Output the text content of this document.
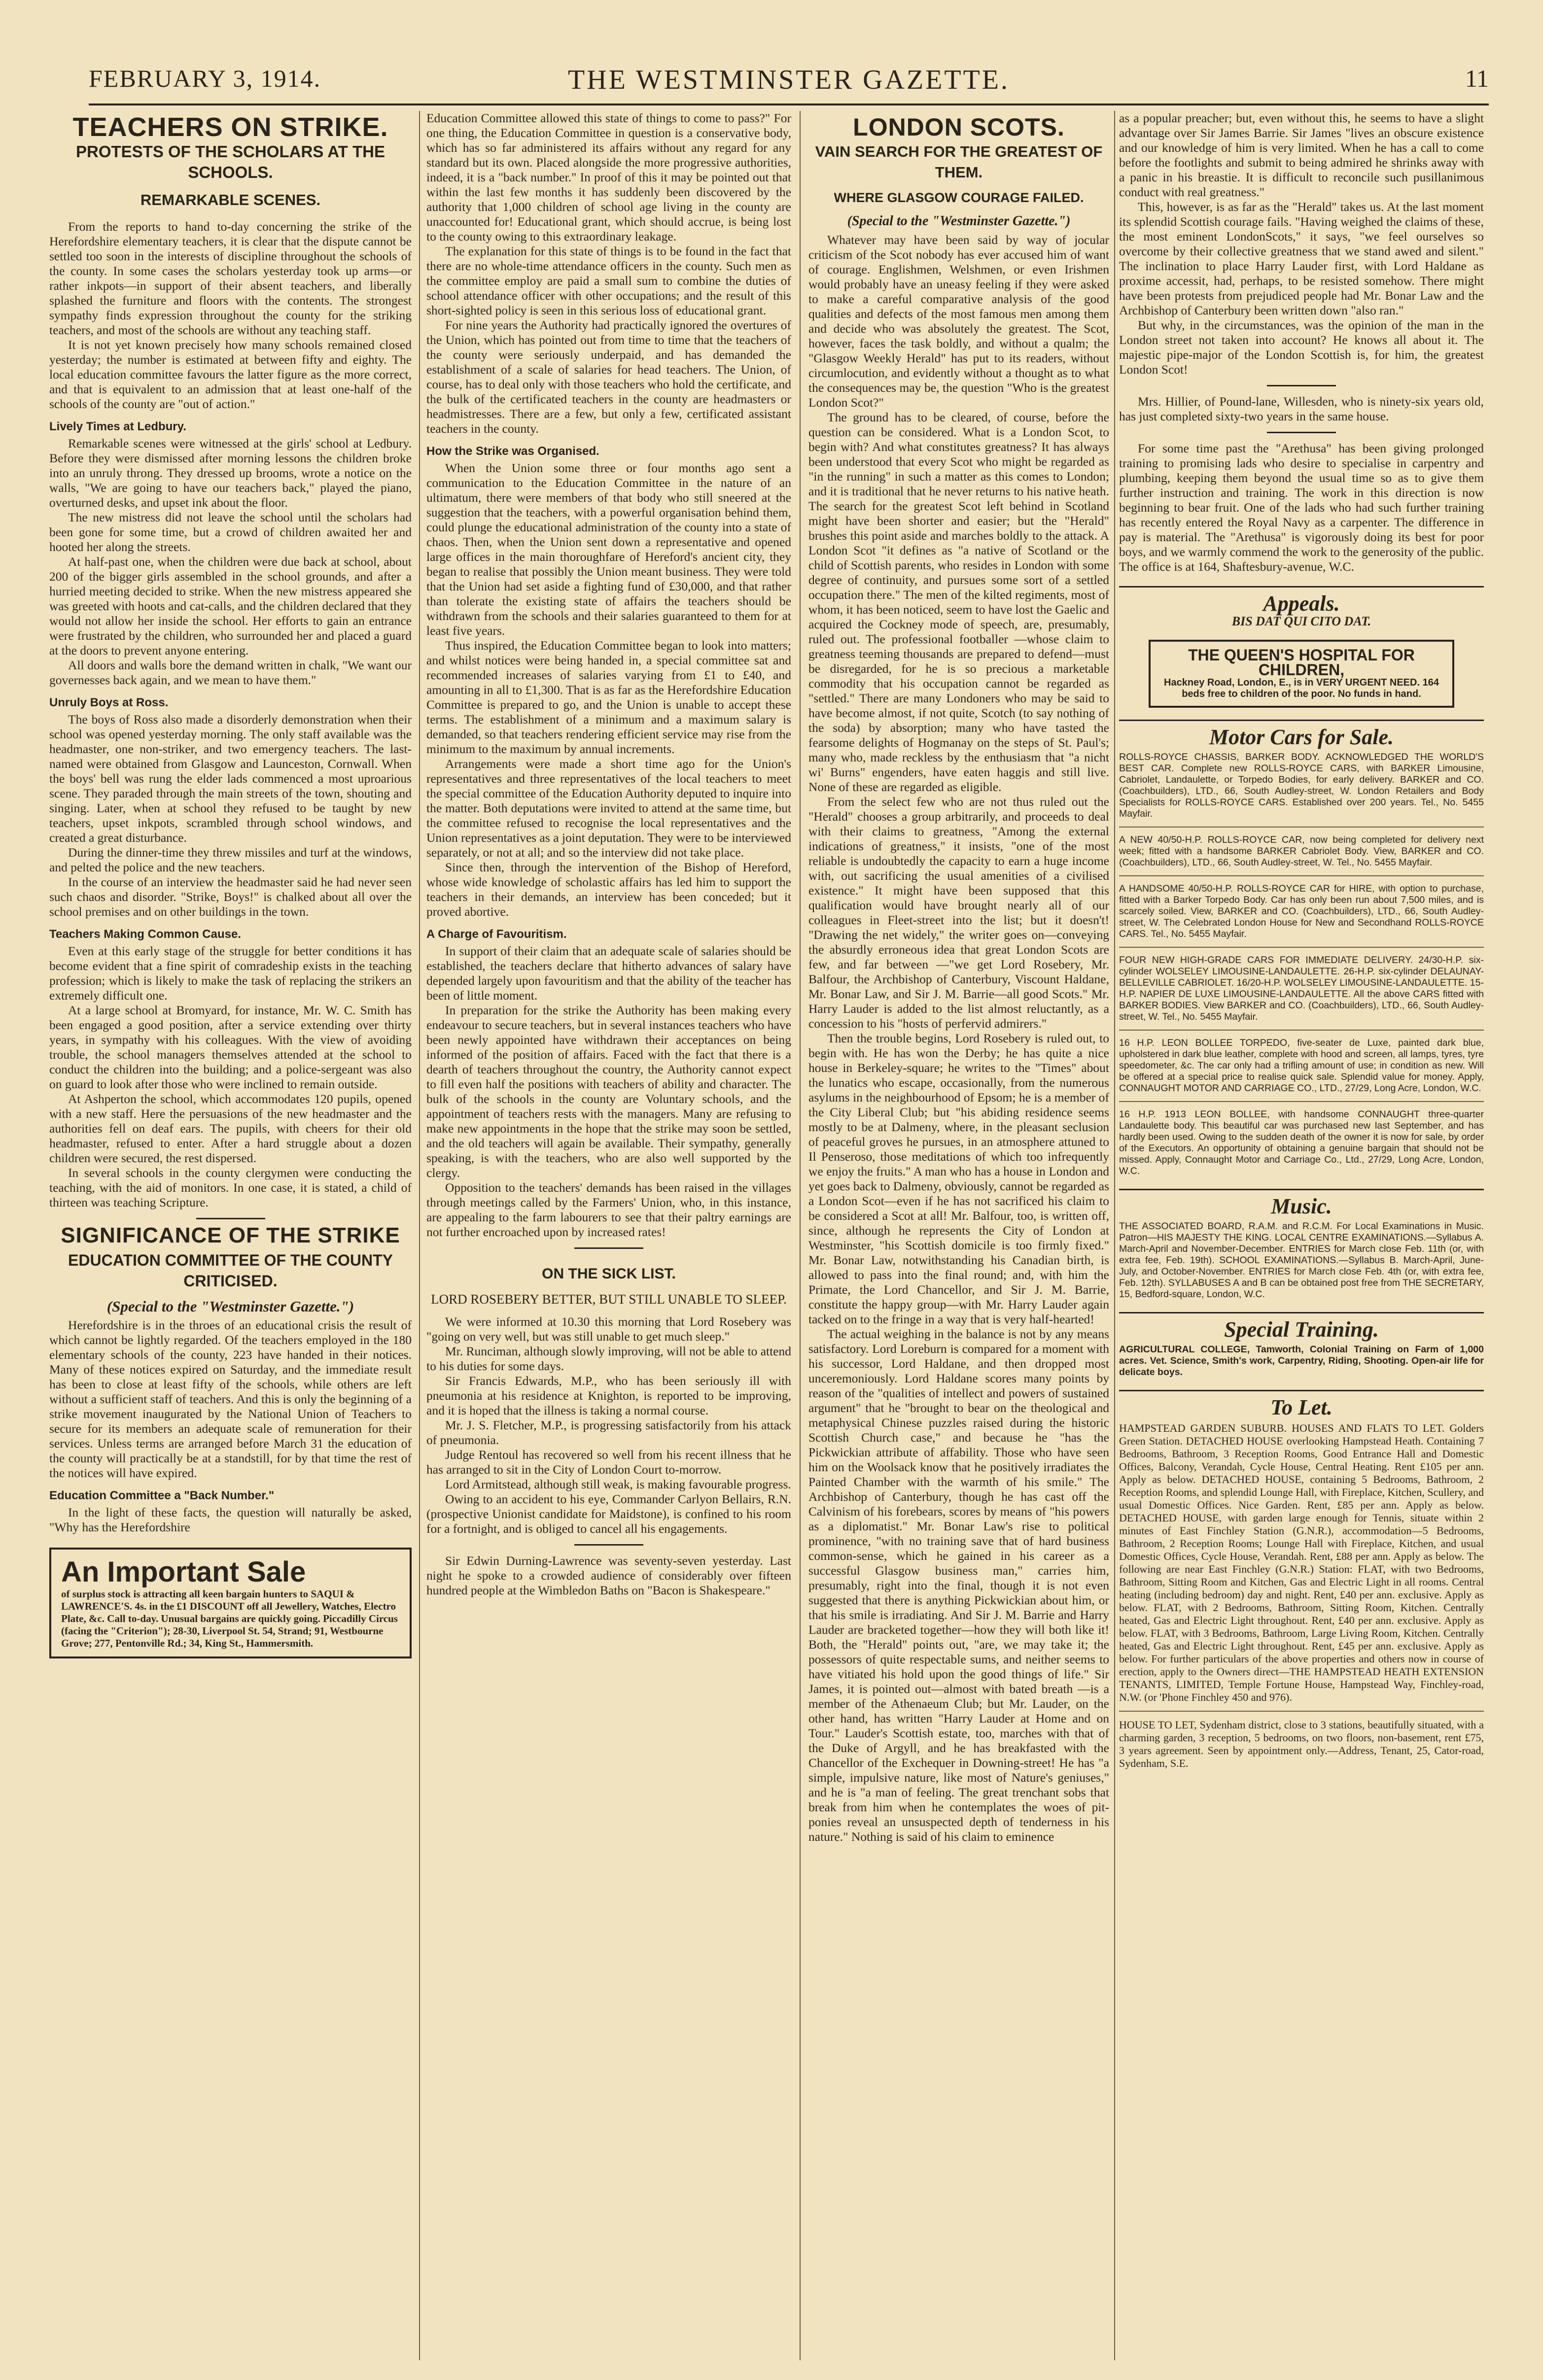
FEBRUARY 3, 1914.	THE WESTMINSTER GAZETTE.	11
TEACHERS ON STRIKE.
PROTESTS OF THE SCHOLARS AT THE SCHOOLS.
REMARKABLE SCENES.

From the reports to hand to-day concerning the strike of the Herefordshire elementary teachers, it is clear that the dispute cannot be settled too soon in the interests of discipline throughout the schools of the county. In some cases the scholars yesterday took up arms—or rather inkpots—in support of their absent teachers, and liberally splashed the furniture and floors with the contents. The strongest sympathy finds expression throughout the county for the striking teachers, and most of the schools are without any teaching staff.

It is not yet known precisely how many schools remained closed yesterday; the number is estimated at between fifty and eighty. The local education committee favours the latter figure as the more correct, and that is equivalent to an admission that at least one-half of the schools of the county are "out of action."

Lively Times at Ledbury.

Remarkable scenes were witnessed at the girls' school at Ledbury. Before they were dismissed after morning lessons the children broke into an unruly throng. They dressed up brooms, wrote a notice on the walls, "We are going to have our teachers back," played the piano, overturned desks, and upset ink about the floor.

The new mistress did not leave the school until the scholars had been gone for some time, but a crowd of children awaited her and hooted her along the streets.

At half-past one, when the children were due back at school, about 200 of the bigger girls assembled in the school grounds, and after a hurried meeting decided to strike. When the new mistress appeared she was greeted with hoots and cat-calls, and the children declared that they would not allow her inside the school. Her efforts to gain an entrance were frustrated by the children, who surrounded her and placed a guard at the doors to prevent anyone entering.

All doors and walls bore the demand written in chalk, "We want our governesses back again, and we mean to have them."

Unruly Boys at Ross.

The boys of Ross also made a disorderly demonstration when their school was opened yesterday morning. The only staff available was the headmaster, one non-striker, and two emergency teachers. The last-named were obtained from Glasgow and Launceston, Cornwall. When the boys' bell was rung the elder lads commenced a most uproarious scene. They paraded through the main streets of the town, shouting and singing. Later, when at school they refused to be taught by new teachers, upset inkpots, scrambled through school windows, and created a great disturbance.

During the dinner-time they threw missiles and turf at the windows, and pelted the police and the new teachers.

In the course of an interview the headmaster said he had never seen such chaos and disorder. "Strike, Boys!" is chalked about all over the school premises and on other buildings in the town.

Teachers Making Common Cause.

Even at this early stage of the struggle for better conditions it has become evident that a fine spirit of comradeship exists in the teaching profession; which is likely to make the task of replacing the strikers an extremely difficult one.

At a large school at Bromyard, for instance, Mr. W. C. Smith has been engaged a good position, after a service extending over thirty years, in sympathy with his colleagues. With the view of avoiding trouble, the school managers themselves attended at the school to conduct the children into the building; and a police-sergeant was also on guard to look after those who were inclined to remain outside.

At Ashperton the school, which accommodates 120 pupils, opened with a new staff. Here the persuasions of the new headmaster and the authorities fell on deaf ears. The pupils, with cheers for their old headmaster, refused to enter. After a hard struggle about a dozen children were secured, the rest dispersed.

In several schools in the county clergymen were conducting the teaching, with the aid of monitors. In one case, it is stated, a child of thirteen was teaching Scripture.

SIGNIFICANCE OF THE STRIKE
EDUCATION COMMITTEE OF THE COUNTY CRITICISED.
(Special to the "Westminster Gazette.")

Herefordshire is in the throes of an educational crisis the result of which cannot be lightly regarded. Of the teachers employed in the 180 elementary schools of the county, 223 have handed in their notices. Many of these notices expired on Saturday, and the immediate result has been to close at least fifty of the schools, while others are left without a sufficient staff of teachers. And this is only the beginning of a strike movement inaugurated by the National Union of Teachers to secure for its members an adequate scale of remuneration for their services. Unless terms are arranged before March 31 the education of the county will practically be at a standstill, for by that time the rest of the notices will have expired.

Education Committee a "Back Number."

In the light of these facts, the question will naturally be asked, "Why has the Herefordshire

An Important Sale
of surplus stock is attracting all keen bargain hunters to SAQUI & LAWRENCE'S. 4s. in the £1 DISCOUNT off all Jewellery, Watches, Electro Plate, &c. Call to-day. Unusual bargains are quickly going. Piccadilly Circus (facing the "Criterion"); 28-30, Liverpool St. 54, Strand; 91, Westbourne Grove; 277, Pentonville Rd.; 34, King St., Hammersmith.

Education Committee allowed this state of things to come to pass?" For one thing, the Education Committee in question is a conservative body, which has so far administered its affairs without any regard for any standard but its own. Placed alongside the more progressive authorities, indeed, it is a "back number." In proof of this it may be pointed out that within the last few months it has suddenly been discovered by the authority that 1,000 children of school age living in the county are unaccounted for! Educational grant, which should accrue, is being lost to the county owing to this extraordinary leakage.

The explanation for this state of things is to be found in the fact that there are no whole-time attendance officers in the county. Such men as the committee employ are paid a small sum to combine the duties of school attendance officer with other occupations; and the result of this short-sighted policy is seen in this serious loss of educational grant.

For nine years the Authority had practically ignored the overtures of the Union, which has pointed out from time to time that the teachers of the county were seriously underpaid, and has demanded the establishment of a scale of salaries for head teachers. The Union, of course, has to deal only with those teachers who hold the certificate, and the bulk of the certificated teachers in the county are headmasters or headmistresses. There are a few, but only a few, certificated assistant teachers in the county.

How the Strike was Organised.

When the Union some three or four months ago sent a communication to the Education Committee in the nature of an ultimatum, there were members of that body who still sneered at the suggestion that the teachers, with a powerful organisation behind them, could plunge the educational administration of the county into a state of chaos. Then, when the Union sent down a representative and opened large offices in the main thoroughfare of Hereford's ancient city, they began to realise that possibly the Union meant business. They were told that the Union had set aside a fighting fund of £30,000, and that rather than tolerate the existing state of affairs the teachers should be withdrawn from the schools and their salaries guaranteed to them for at least five years.

Thus inspired, the Education Committee began to look into matters; and whilst notices were being handed in, a special committee sat and recommended increases of salaries varying from £1 to £40, and amounting in all to £1,300. That is as far as the Herefordshire Education Committee is prepared to go, and the Union is unable to accept these terms. The establishment of a minimum and a maximum salary is demanded, so that teachers rendering efficient service may rise from the minimum to the maximum by annual increments.

Arrangements were made a short time ago for the Union's representatives and three representatives of the local teachers to meet the special committee of the Education Authority deputed to inquire into the matter. Both deputations were invited to attend at the same time, but the committee refused to recognise the local representatives and the Union representatives as a joint deputation. They were to be interviewed separately, or not at all; and so the interview did not take place.

Since then, through the intervention of the Bishop of Hereford, whose wide knowledge of scholastic affairs has led him to support the teachers in their demands, an interview has been conceded; but it proved abortive.

A Charge of Favouritism.

In support of their claim that an adequate scale of salaries should be established, the teachers declare that hitherto advances of salary have depended largely upon favouritism and that the ability of the teacher has been of little moment.

In preparation for the strike the Authority has been making every endeavour to secure teachers, but in several instances teachers who have been newly appointed have withdrawn their acceptances on being informed of the position of affairs. Faced with the fact that there is a dearth of teachers throughout the country, the Authority cannot expect to fill even half the positions with teachers of ability and character. The bulk of the schools in the county are Voluntary schools, and the appointment of teachers rests with the managers. Many are refusing to make new appointments in the hope that the strike may soon be settled, and the old teachers will again be available. Their sympathy, generally speaking, is with the teachers, who are also well supported by the clergy.

Opposition to the teachers' demands has been raised in the villages through meetings called by the Farmers' Union, who, in this instance, are appealing to the farm labourers to see that their paltry earnings are not further encroached upon by increased rates!

ON THE SICK LIST.
LORD ROSEBERY BETTER, BUT STILL UNABLE TO SLEEP.

We were informed at 10.30 this morning that Lord Rosebery was "going on very well, but was still unable to get much sleep."

Mr. Runciman, although slowly improving, will not be able to attend to his duties for some days.

Sir Francis Edwards, M.P., who has been seriously ill with pneumonia at his residence at Knighton, is reported to be improving, and it is hoped that the illness is taking a normal course.

Mr. J. S. Fletcher, M.P., is progressing satisfactorily from his attack of pneumonia.

Judge Rentoul has recovered so well from his recent illness that he has arranged to sit in the City of London Court to-morrow.

Lord Armitstead, although still weak, is making favourable progress.

Owing to an accident to his eye, Commander Carlyon Bellairs, R.N. (prospective Unionist candidate for Maidstone), is confined to his room for a fortnight, and is obliged to cancel all his engagements.

Sir Edwin Durning-Lawrence was seventy-seven yesterday. Last night he spoke to a crowded audience of considerably over fifteen hundred people at the Wimbledon Baths on "Bacon is Shakespeare."

LONDON SCOTS.
VAIN SEARCH FOR THE GREATEST OF THEM.
WHERE GLASGOW COURAGE FAILED.
(Special to the "Westminster Gazette.")

Whatever may have been said by way of jocular criticism of the Scot nobody has ever accused him of want of courage. Englishmen, Welshmen, or even Irishmen would probably have an uneasy feeling if they were asked to make a careful comparative analysis of the good qualities and defects of the most famous men among them and decide who was absolutely the greatest. The Scot, however, faces the task boldly, and without a qualm; the "Glasgow Weekly Herald" has put to its readers, without circumlocution, and evidently without a thought as to what the consequences may be, the question "Who is the greatest London Scot?"

The ground has to be cleared, of course, before the question can be considered. What is a London Scot, to begin with? And what constitutes greatness? It has always been understood that every Scot who might be regarded as "in the running" in such a matter as this comes to London; and it is traditional that he never returns to his native heath. The search for the greatest Scot left behind in Scotland might have been shorter and easier; but the "Herald" brushes this point aside and marches boldly to the attack. A London Scot "it defines as "a native of Scotland or the child of Scottish parents, who resides in London with some degree of continuity, and pursues some sort of a settled occupation there." The men of the kilted regiments, most of whom, it has been noticed, seem to have lost the Gaelic and acquired the Cockney mode of speech, are, presumably, ruled out. The professional footballer —whose claim to greatness teeming thousands are prepared to defend—must be disregarded, for he is so precious a marketable commodity that his occupation cannot be regarded as "settled." There are many Londoners who may be said to have become almost, if not quite, Scotch (to say nothing of the soda) by absorption; many who have tasted the fearsome delights of Hogmanay on the steps of St. Paul's; many who, made reckless by the enthusiasm that "a nicht wi' Burns" engenders, have eaten haggis and still live. None of these are regarded as eligible.

From the select few who are not thus ruled out the "Herald" chooses a group arbitrarily, and proceeds to deal with their claims to greatness, "Among the external indications of greatness," it insists, "one of the most reliable is undoubtedly the capacity to earn a huge income with, out sacrificing the usual amenities of a civilised existence." It might have been supposed that this qualification would have brought nearly all of our colleagues in Fleet-street into the list; but it doesn't! "Drawing the net widely," the writer goes on—conveying the absurdly erroneous idea that great London Scots are few, and far between —"we get Lord Rosebery, Mr. Balfour, the Archbishop of Canterbury, Viscount Haldane, Mr. Bonar Law, and Sir J. M. Barrie—all good Scots." Mr. Harry Lauder is added to the list almost reluctantly, as a concession to his "hosts of perfervid admirers."

Then the trouble begins, Lord Rosebery is ruled out, to begin with. He has won the Derby; he has quite a nice house in Berkeley-square; he writes to the "Times" about the lunatics who escape, occasionally, from the numerous asylums in the neighbourhood of Epsom; he is a member of the City Liberal Club; but "his abiding residence seems mostly to be at Dalmeny, where, in the pleasant seclusion of peaceful groves he pursues, in an atmosphere attuned to Il Penseroso, those meditations of which too infrequently we enjoy the fruits." A man who has a house in London and yet goes back to Dalmeny, obviously, cannot be regarded as a London Scot—even if he has not sacrificed his claim to be considered a Scot at all! Mr. Balfour, too, is written off, since, although he represents the City of London at Westminster, "his Scottish domicile is too firmly fixed." Mr. Bonar Law, notwithstanding his Canadian birth, is allowed to pass into the final round; and, with him the Primate, the Lord Chancellor, and Sir J. M. Barrie, constitute the happy group—with Mr. Harry Lauder again tacked on to the fringe in a way that is very half-hearted!

The actual weighing in the balance is not by any means satisfactory. Lord Loreburn is compared for a moment with his successor, Lord Haldane, and then dropped most unceremoniously. Lord Haldane scores many points by reason of the "qualities of intellect and powers of sustained argument" that he "brought to bear on the theological and metaphysical Chinese puzzles raised during the historic Scottish Church case," and because he "has the Pickwickian attribute of affability. Those who have seen him on the Woolsack know that he positively irradiates the Painted Chamber with the warmth of his smile." The Archbishop of Canterbury, though he has cast off the Calvinism of his forebears, scores by means of "his powers as a diplomatist." Mr. Bonar Law's rise to political prominence, "with no training save that of hard business common-sense, which he gained in his career as a successful Glasgow business man," carries him, presumably, right into the final, though it is not even suggested that there is anything Pickwickian about him, or that his smile is irradiating. And Sir J. M. Barrie and Harry Lauder are bracketed together—how they will both like it! Both, the "Herald" points out, "are, we may take it; the possessors of quite respectable sums, and neither seems to have vitiated his hold upon the good things of life." Sir James, it is pointed out—almost with bated breath —is a member of the Athenaeum Club; but Mr. Lauder, on the other hand, has written "Harry Lauder at Home and on Tour." Lauder's Scottish estate, too, marches with that of the Duke of Argyll, and he has breakfasted with the Chancellor of the Exchequer in Downing-street! He has "a simple, impulsive nature, like most of Nature's geniuses," and he is "a man of feeling. The great trenchant sobs that break from him when he contemplates the woes of pit-ponies reveal an unsuspected depth of tenderness in his nature." Nothing is said of his claim to eminence

as a popular preacher; but, even without this, he seems to have a slight advantage over Sir James Barrie. Sir James "lives an obscure existence and our knowledge of him is very limited. When he has a call to come before the footlights and submit to being admired he shrinks away with a panic in his breastie. It is difficult to reconcile such pusillanimous conduct with real greatness."

This, however, is as far as the "Herald" takes us. At the last moment its splendid Scottish courage fails. "Having weighed the claims of these, the most eminent LondonScots," it says, "we feel ourselves so overcome by their collective greatness that we stand awed and silent." The inclination to place Harry Lauder first, with Lord Haldane as proxime accessit, had, perhaps, to be resisted somehow. There might have been protests from prejudiced people had Mr. Bonar Law and the Archbishop of Canterbury been written down "also ran."

But why, in the circumstances, was the opinion of the man in the London street not taken into account? He knows all about it. The majestic pipe-major of the London Scottish is, for him, the greatest London Scot!

Mrs. Hillier, of Pound-lane, Willesden, who is ninety-six years old, has just completed sixty-two years in the same house.

For some time past the "Arethusa" has been giving prolonged training to promising lads who desire to specialise in carpentry and plumbing, keeping them beyond the usual time so as to give them further instruction and training. The work in this direction is now beginning to bear fruit. One of the lads who had such further training has recently entered the Royal Navy as a carpenter. The difference in pay is material. The "Arethusa" is vigorously doing its best for poor boys, and we warmly commend the work to the generosity of the public. The office is at 164, Shaftesbury-avenue, W.C.

Appeals.
BIS DAT QUI CITO DAT.
THE QUEEN'S HOSPITAL FOR CHILDREN,
Hackney Road, London, E., is in VERY URGENT NEED. 164 beds free to children of the poor. No funds in hand.
Motor Cars for Sale.
ROLLS-ROYCE CHASSIS, BARKER BODY. ACKNOWLEDGED THE WORLD'S BEST CAR. Complete new ROLLS-ROYCE CARS, with BARKER Limousine, Cabriolet, Landaulette, or Torpedo Bodies, for early delivery. BARKER and CO. (Coachbuilders), LTD., 66, South Audley-street, W. London Retailers and Body Specialists for ROLLS-ROYCE CARS. Established over 200 years. Tel., No. 5455 Mayfair.
A NEW 40/50-H.P. ROLLS-ROYCE CAR, now being completed for delivery next week; fitted with a handsome BARKER Cabriolet Body. View, BARKER and CO. (Coachbuilders), LTD., 66, South Audley-street, W. Tel., No. 5455 Mayfair.
A HANDSOME 40/50-H.P. ROLLS-ROYCE CAR for HIRE, with option to purchase, fitted with a Barker Torpedo Body. Car has only been run about 7,500 miles, and is scarcely soiled. View, BARKER and CO. (Coachbuilders), LTD., 66, South Audley-street, W. The Celebrated London House for New and Secondhand ROLLS-ROYCE CARS. Tel., No. 5455 Mayfair.
FOUR NEW HIGH-GRADE CARS FOR IMMEDIATE DELIVERY. 24/30-H.P. six-cylinder WOLSELEY LIMOUSINE-LANDAULETTE. 26-H.P. six-cylinder DELAUNAY-BELLEVILLE CABRIOLET. 16/20-H.P. WOLSELEY LIMOUSINE-LANDAULETTE. 15-H.P. NAPIER DE LUXE LIMOUSINE-LANDAULETTE. All the above CARS fitted with BARKER BODIES. View BARKER and CO. (Coachbuilders), LTD., 66, South Audley-street, W. Tel., No. 5455 Mayfair.
16 H.P. LEON BOLLEE TORPEDO, five-seater de Luxe, painted dark blue, upholstered in dark blue leather, complete with hood and screen, all lamps, tyres, tyre speedometer, &c. The car only had a trifling amount of use; in condition as new. Will be offered at a special price to realise quick sale. Splendid value for money. Apply, CONNAUGHT MOTOR AND CARRIAGE CO., LTD., 27/29, Long Acre, London, W.C.
16 H.P. 1913 LEON BOLLEE, with handsome CONNAUGHT three-quarter Landaulette body. This beautiful car was purchased new last September, and has hardly been used. Owing to the sudden death of the owner it is now for sale, by order of the Executors. An opportunity of obtaining a genuine bargain that should not be missed. Apply, Connaught Motor and Carriage Co., Ltd., 27/29, Long Acre, London, W.C.
Music.
THE ASSOCIATED BOARD, R.A.M. and R.C.M. For Local Examinations in Music. Patron—HIS MAJESTY THE KING. LOCAL CENTRE EXAMINATIONS.—Syllabus A. March-April and November-December. ENTRIES for March close Feb. 11th (or, with extra fee, Feb. 19th). SCHOOL EXAMINATIONS.—Syllabus B. March-April, June-July, and October-November. ENTRIES for March close Feb. 4th (or, with extra fee, Feb. 12th). SYLLABUSES A and B can be obtained post free from THE SECRETARY, 15, Bedford-square, London, W.C.
Special Training.
AGRICULTURAL COLLEGE, Tamworth, Colonial Training on Farm of 1,000 acres. Vet. Science, Smith's work, Carpentry, Riding, Shooting. Open-air life for delicate boys.
To Let.
HAMPSTEAD GARDEN SUBURB. HOUSES AND FLATS TO LET. Golders Green Station. DETACHED HOUSE overlooking Hampstead Heath. Containing 7 Bedrooms, Bathroom, 3 Reception Rooms, Good Entrance Hall and Domestic Offices, Balcony, Verandah, Cycle House, Central Heating. Rent £105 per ann. Apply as below. DETACHED HOUSE, containing 5 Bedrooms, Bathroom, 2 Reception Rooms, and splendid Lounge Hall, with Fireplace, Kitchen, Scullery, and usual Domestic Offices. Nice Garden. Rent, £85 per ann. Apply as below. DETACHED HOUSE, with garden large enough for Tennis, situate within 2 minutes of East Finchley Station (G.N.R.), accommodation—5 Bedrooms, Bathroom, 2 Reception Rooms; Lounge Hall with Fireplace, Kitchen, and usual Domestic Offices, Cycle House, Verandah. Rent, £88 per ann. Apply as below. The following are near East Finchley (G.N.R.) Station: FLAT, with two Bedrooms, Bathroom, Sitting Room and Kitchen, Gas and Electric Light in all rooms. Central heating (including bedroom) day and night. Rent, £40 per ann. exclusive. Apply as below. FLAT, with 2 Bedrooms, Bathroom, Sitting Room, Kitchen. Centrally heated, Gas and Electric Light throughout. Rent, £40 per ann. exclusive. Apply as below. FLAT, with 3 Bedrooms, Bathroom, Large Living Room, Kitchen. Centrally heated, Gas and Electric Light throughout. Rent, £45 per ann. exclusive. Apply as below. For further particulars of the above properties and others now in course of erection, apply to the Owners direct—THE HAMPSTEAD HEATH EXTENSION TENANTS, LIMITED, Temple Fortune House, Hampstead Way, Finchley-road, N.W. (or 'Phone Finchley 450 and 976).
HOUSE TO LET, Sydenham district, close to 3 stations, beautifully situated, with a charming garden, 3 reception, 5 bedrooms, on two floors, non-basement, rent £75, 3 years agreement. Seen by appointment only.—Address, Tenant, 25, Cator-road, Sydenham, S.E.
